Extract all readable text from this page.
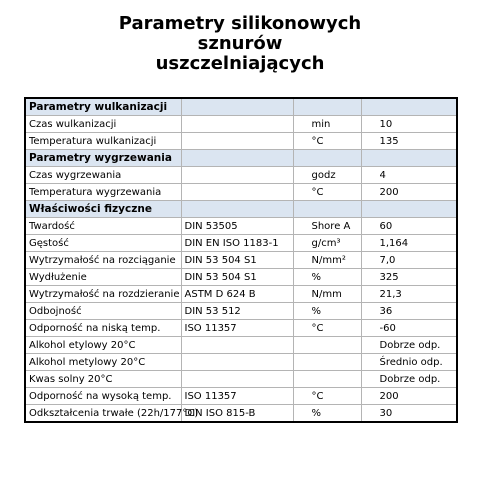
Parametry silikonowych
sznurów
uszczelniających
Parametry wulkanizacji			
Czas wulkanizacji		min	10
Temperatura wulkanizacji		°C	135
Parametry wygrzewania			
Czas wygrzewania		godz	4
Temperatura wygrzewania		°C	200
Właściwości fizyczne			
Twardość	DIN 53505	Shore A	60
Gęstość	DIN EN ISO 1183-1	g/cm³	1,164
Wytrzymałość na rozciąganie	DIN 53 504 S1	N/mm²	7,0
Wydłużenie	DIN 53 504 S1	%	325
Wytrzymałość na rozdzieranie	ASTM D 624 B	N/mm	21,3
Odbojność	DIN 53 512	%	36
Odporność na niską temp.	ISO 11357	°C	-60
Alkohol etylowy 20°C			Dobrze odp.
Alkohol metylowy 20°C			Średnio odp.
Kwas solny 20°C			Dobrze odp.
Odporność na wysoką temp.	ISO 11357	°C	200
Odkształcenia trwałe (22h/177°C)	DIN ISO 815-B	%	30
